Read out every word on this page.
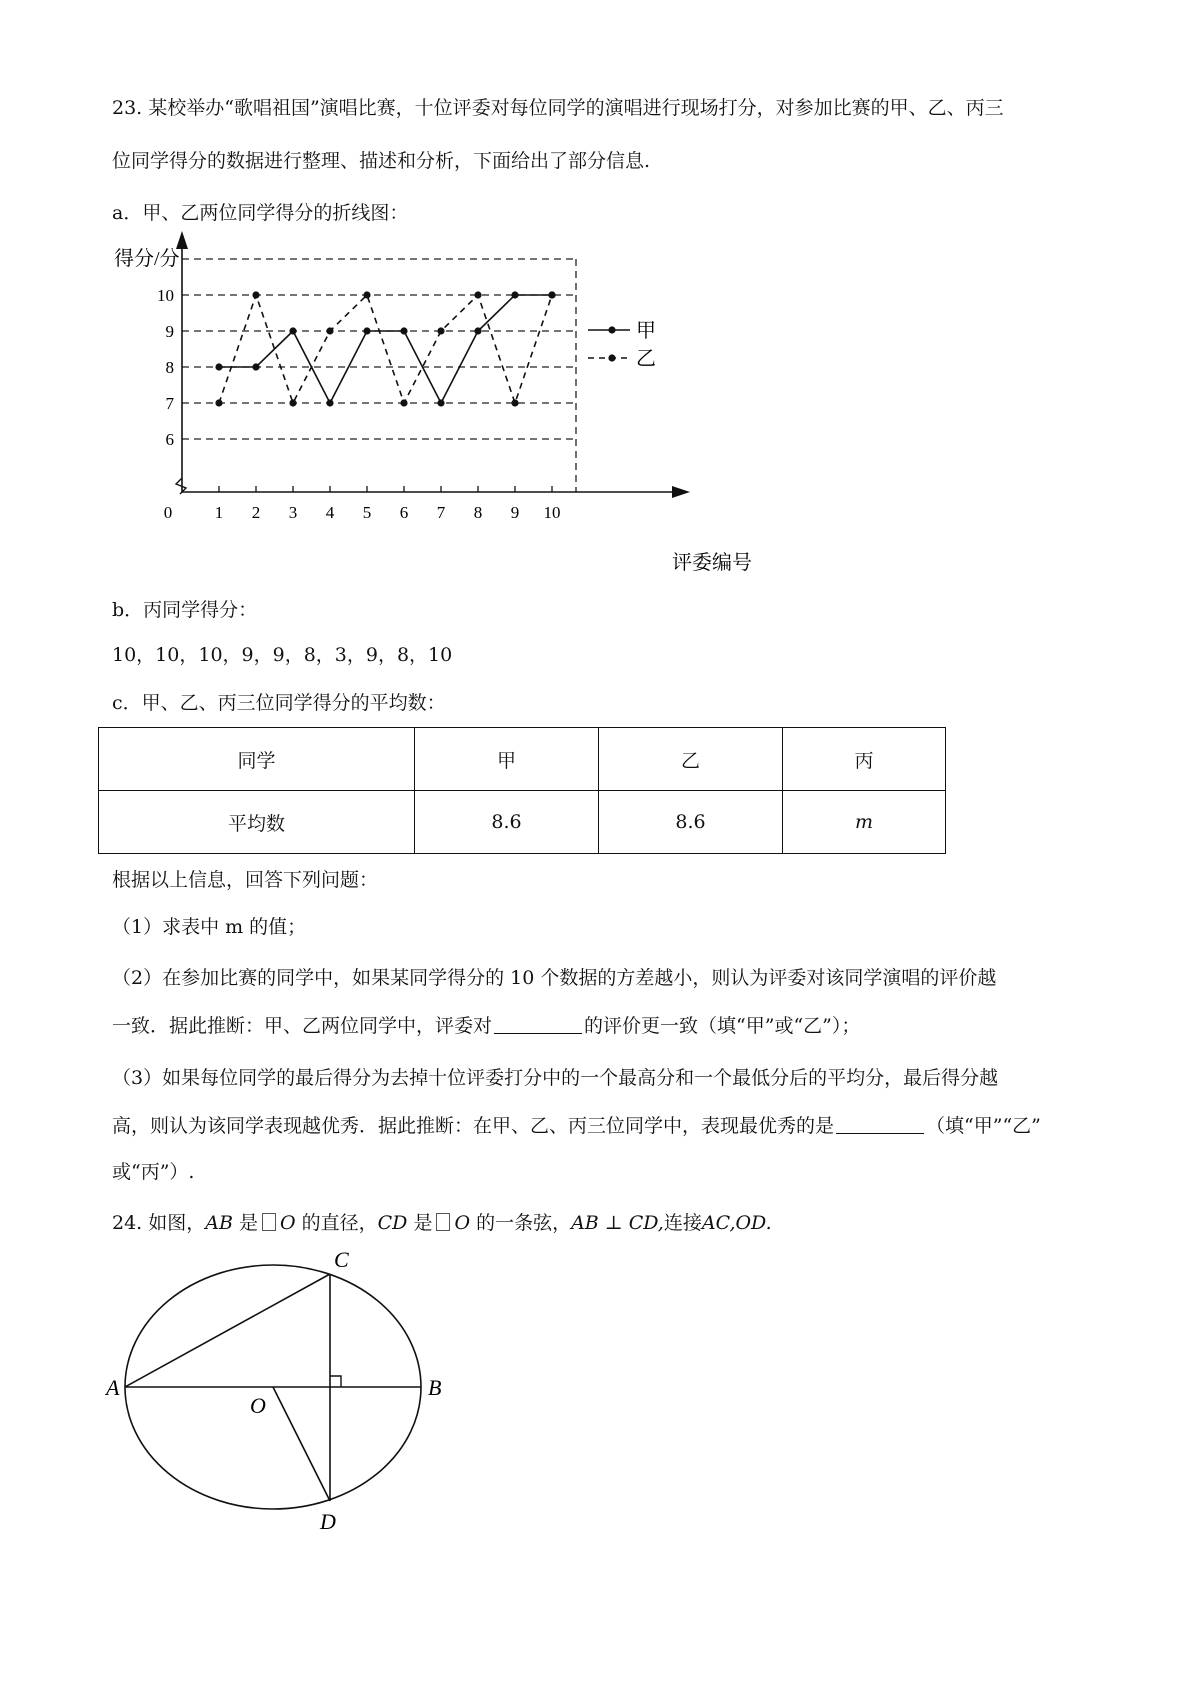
23. 某校举办“歌唱祖国”演唱比赛，十位评委对每位同学的演唱进行现场打分，对参加比赛的甲、乙、丙三
位同学得分的数据进行整理、描述和分析，下面给出了部分信息.
a．甲、乙两位同学得分的折线图：
0	1 2 3 4 5 6 7 8 9 10
6
7
8
9
10
甲
乙
得分/分
评委编号
b．丙同学得分：
10，10，10，9，9，8，3，9，8，10
c．甲、乙、丙三位同学得分的平均数：
同学	甲	乙	丙
平均数	8.6	8.6	m
根据以上信息，回答下列问题：
（1）求表中 m 的值；
（2）在参加比赛的同学中，如果某同学得分的 10 个数据的方差越小，则认为评委对该同学演唱的评价越
一致．据此推断：甲、乙两位同学中，评委对	的评价更一致（填“甲”或“乙”）；
（3）如果每位同学的最后得分为去掉十位评委打分中的一个最高分和一个最低分后的平均分，最后得分越
高，则认为该同学表现越优秀．据此推断：在甲、乙、丙三位同学中，表现最优秀的是	（填“甲”“乙”
或“丙”）.
24. 如图，AB 是 O 的直径，CD 是 O 的一条弦，AB ⊥ CD,连接AC,OD.
A	B
C
D
O
